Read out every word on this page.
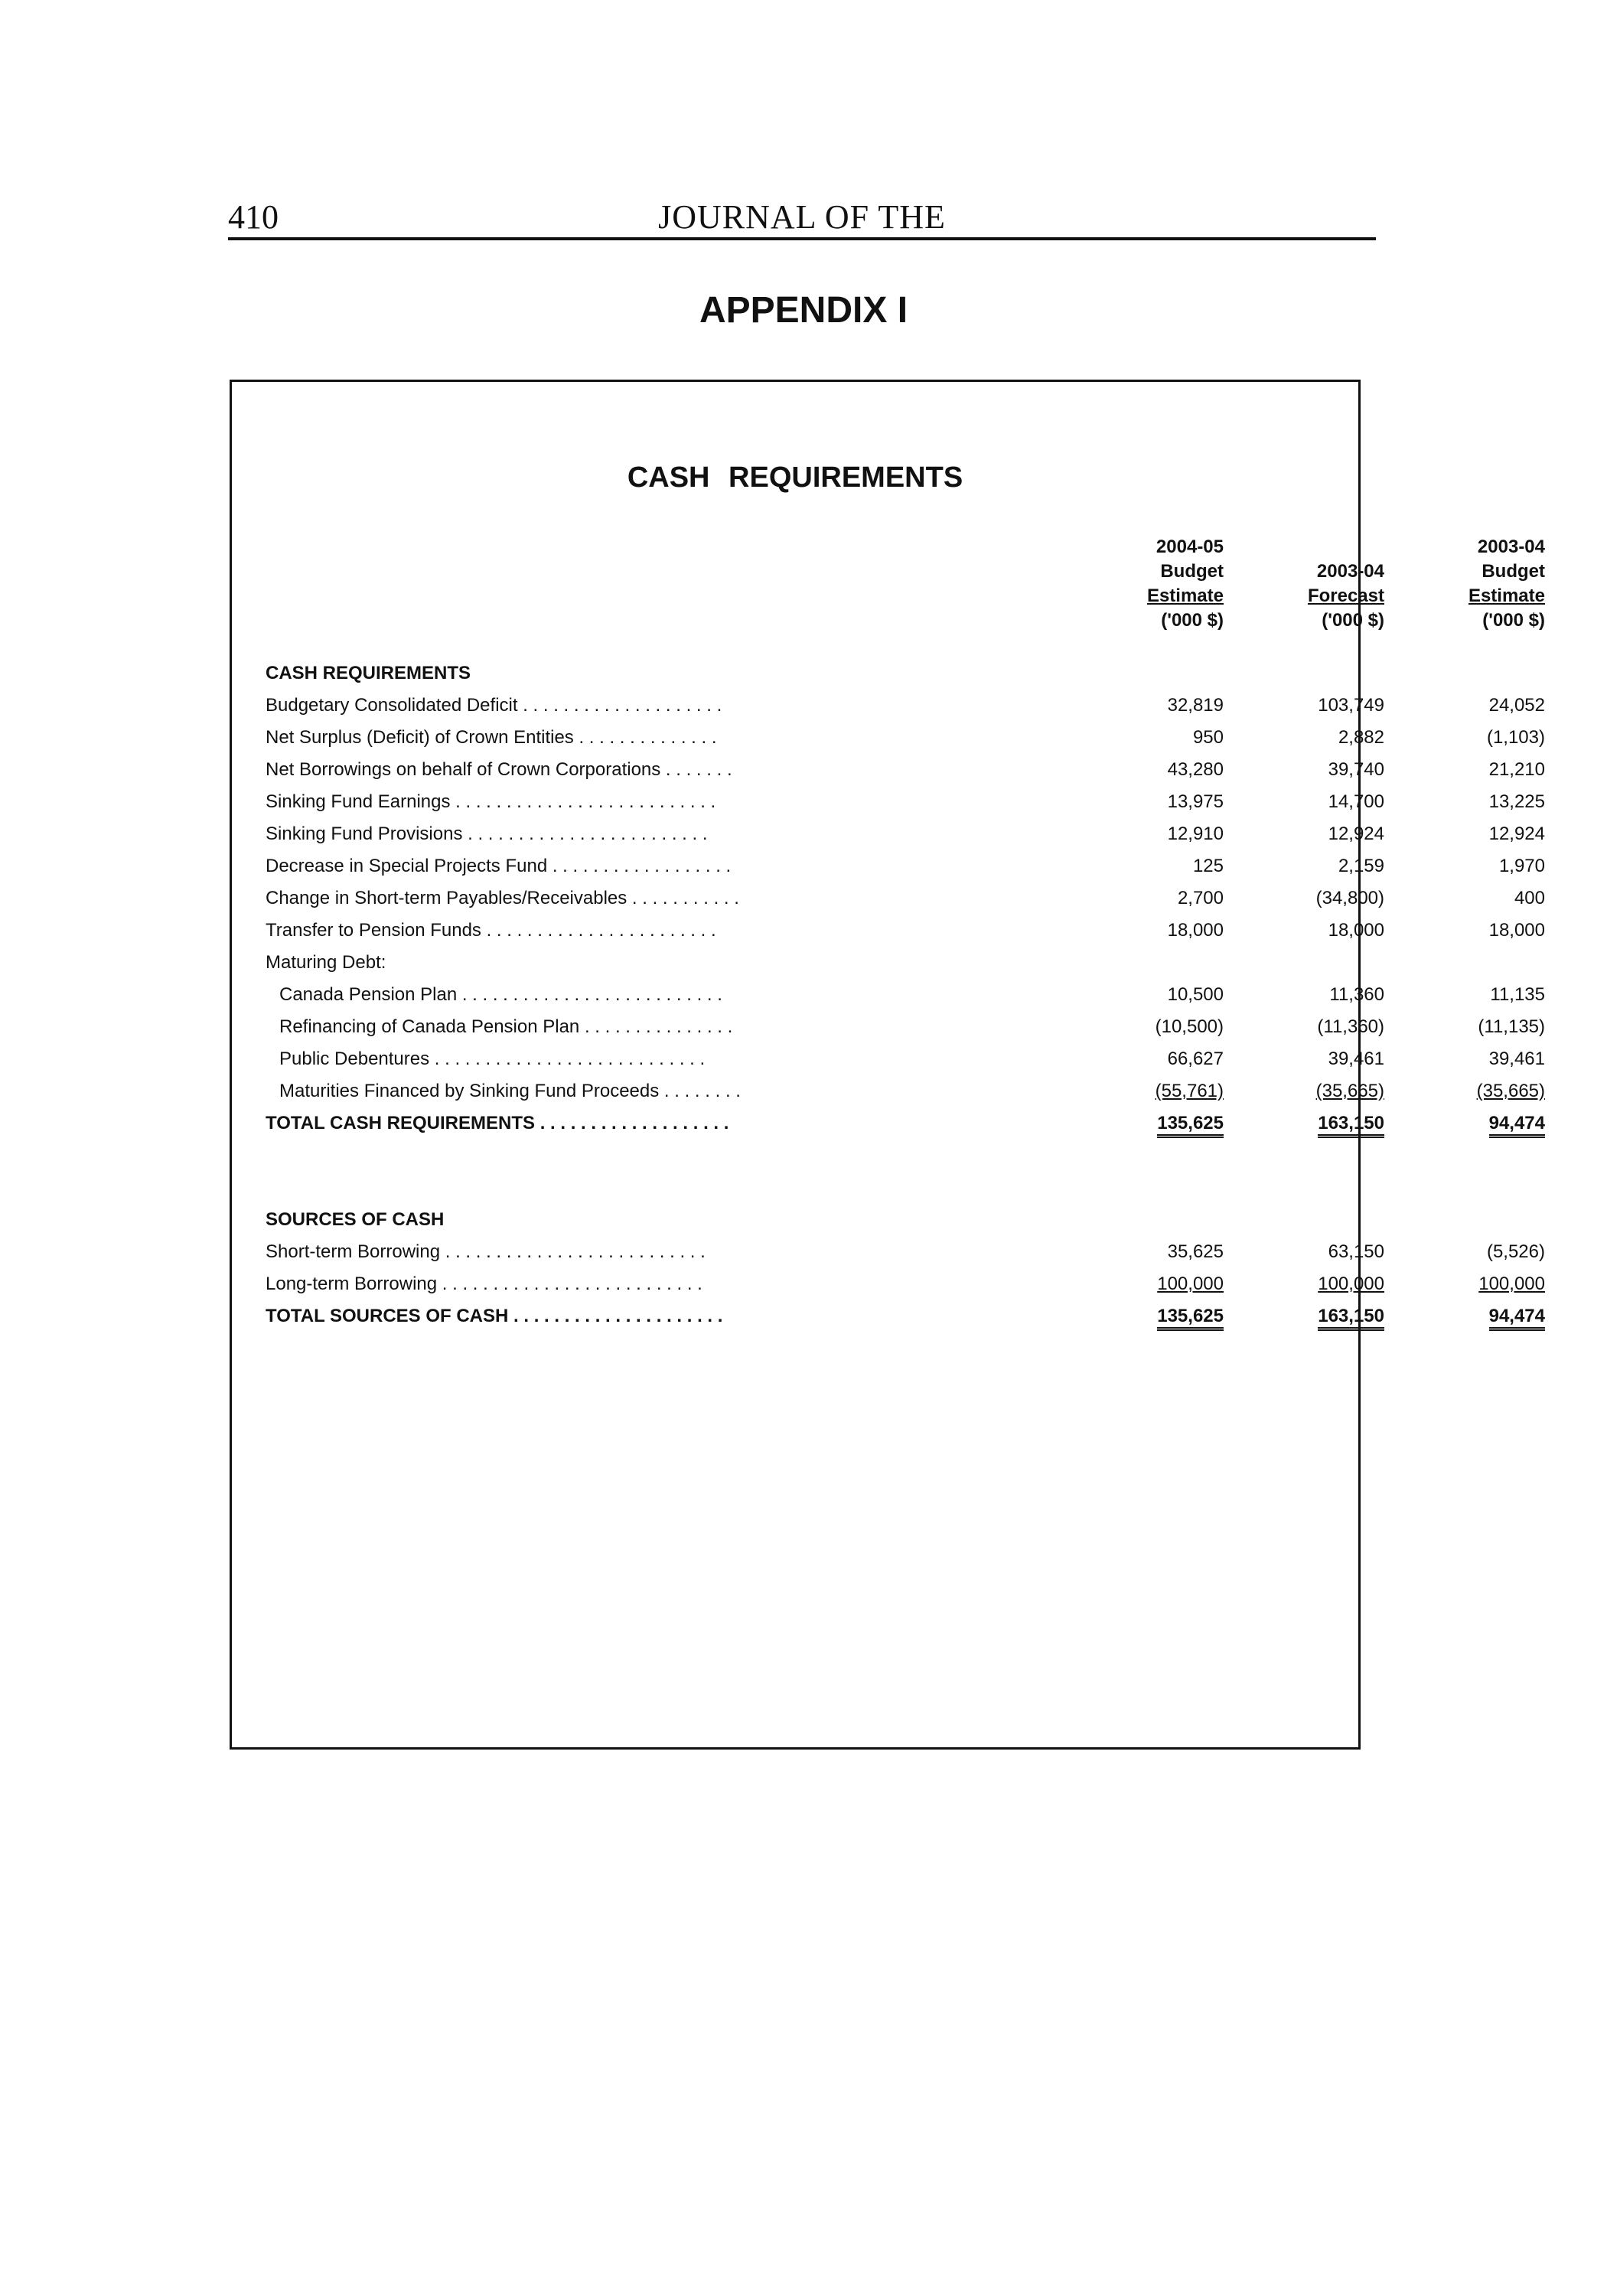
410	JOURNAL OF THE
APPENDIX I
CASH REQUIREMENTS
2004-05
Budget
Estimate
('000 $)
2003-04
Forecast
('000 $)
2003-04
Budget
Estimate
('000 $)
CASH REQUIREMENTS
Budgetary Consolidated Deficit . . . . . . . . . . . . . . . . . . . .	32,819	103,749	24,052
Net Surplus (Deficit) of Crown Entities . . . . . . . . . . . . . .	950	2,882	(1,103)
Net Borrowings on behalf of Crown Corporations . . . . . . .	43,280	39,740	21,210
Sinking Fund Earnings . . . . . . . . . . . . . . . . . . . . . . . . . .	13,975	14,700	13,225
Sinking Fund Provisions . . . . . . . . . . . . . . . . . . . . . . . .	12,910	12,924	12,924
Decrease in Special Projects Fund . . . . . . . . . . . . . . . . . .	125	2,159	1,970
Change in Short-term Payables/Receivables . . . . . . . . . . .	2,700	(34,800)	400
Transfer to Pension Funds . . . . . . . . . . . . . . . . . . . . . . .	18,000	18,000	18,000
Maturing Debt:
Canada Pension Plan . . . . . . . . . . . . . . . . . . . . . . . . . .	10,500	11,360	11,135
Refinancing of Canada Pension Plan . . . . . . . . . . . . . . .	(10,500)	(11,360)	(11,135)
Public Debentures . . . . . . . . . . . . . . . . . . . . . . . . . . .	66,627	39,461	39,461
Maturities Financed by Sinking Fund Proceeds . . . . . . . .	(55,761)	(35,665)	(35,665)
TOTAL CASH REQUIREMENTS . . . . . . . . . . . . . . . . . . .	135,625	163,150	94,474
SOURCES OF CASH
Short-term Borrowing . . . . . . . . . . . . . . . . . . . . . . . . . .	35,625	63,150	(5,526)
Long-term Borrowing . . . . . . . . . . . . . . . . . . . . . . . . . .	100,000	100,000	100,000
TOTAL SOURCES OF CASH . . . . . . . . . . . . . . . . . . . . .	135,625	163,150	94,474
